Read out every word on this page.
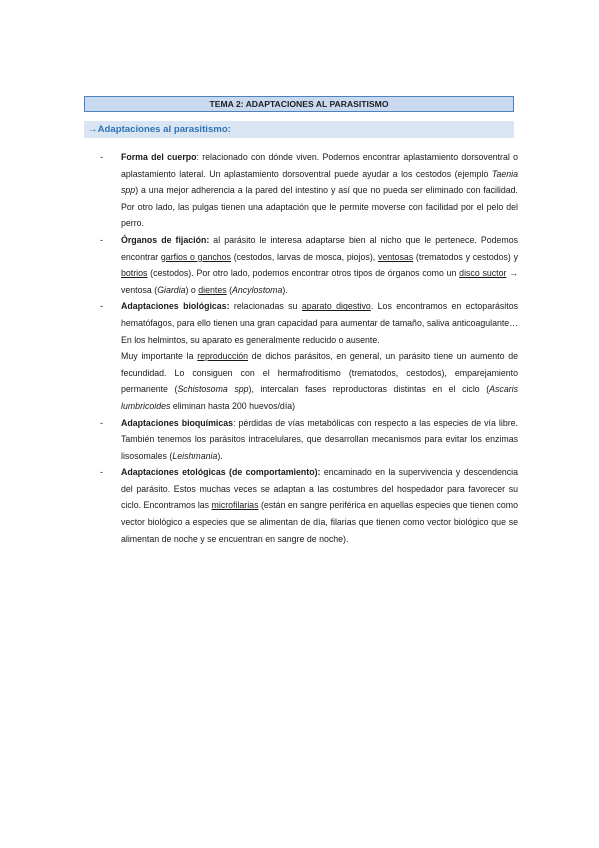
TEMA 2: ADAPTACIONES AL PARASITISMO
→Adaptaciones al parasitismo:
- Forma del cuerpo: relacionado con dónde viven. Podemos encontrar aplastamiento dorsoventral o aplastamiento lateral. Un aplastamiento dorsoventral puede ayudar a los cestodos (ejemplo Taenia spp) a una mejor adherencia a la pared del intestino y así que no pueda ser eliminado con facilidad. Por otro lado, las pulgas tienen una adaptación que le permite moverse con facilidad por el pelo del perro.

- Órganos de fijación: al parásito le interesa adaptarse bien al nicho que le pertenece. Podemos encontrar garfios o ganchos (cestodos, larvas de mosca, piojos), ventosas (trematodos y cestodos) y botrios (cestodos). Por otro lado, podemos encontrar otros tipos de órganos como un disco suctor → ventosa (Giardia) o dientes (Ancylostoma).

- Adaptaciones biológicas: relacionadas su aparato digestivo. Los encontramos en ectoparásitos hematófagos, para ello tienen una gran capacidad para aumentar de tamaño, saliva anticoagulante… En los helmintos, su aparato es generalmente reducido o ausente.

Muy importante la reproducción de dichos parásitos, en general, un parásito tiene un aumento de fecundidad. Lo consiguen con el hermafroditismo (trematodos, cestodos), emparejamiento permanente (Schistosoma spp), intercalan fases reproductoras distintas en el ciclo (Ascaris lumbricoides eliminan hasta 200 huevos/día)

- Adaptaciones bioquímicas: pérdidas de vías metabólicas con respecto a las especies de vía libre. También tenemos los parásitos intracelulares, que desarrollan mecanismos para evitar los enzimas lisosomales (Leishmania).

- Adaptaciones etológicas (de comportamiento): encaminado en la supervivencia y descendencia del parásito. Estos muchas veces se adaptan a las costumbres del hospedador para favorecer su ciclo. Encontramos las microfilarias (están en sangre periférica en aquellas especies que tienen como vector biológico a especies que se alimentan de día, filarias que tienen como vector biológico que se alimentan de noche y se encuentran en sangre de noche).
